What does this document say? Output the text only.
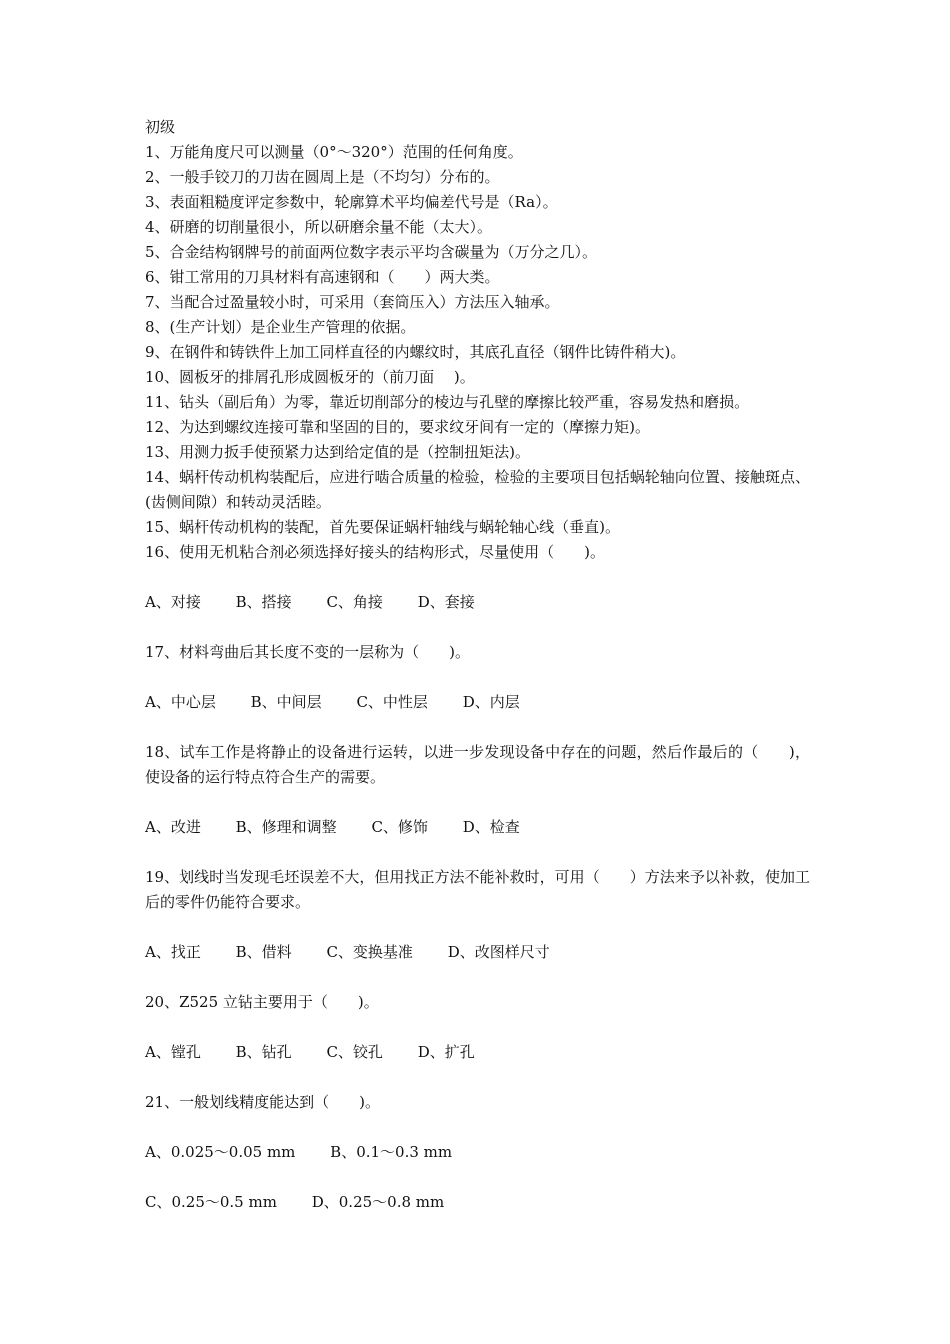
初级
1、万能角度尺可以测量（0°～320°）范围的任何角度。
2、一般手铰刀的刀齿在圆周上是（不均匀）分布的。
3、表面粗糙度评定参数中，轮廓算术平均偏差代号是（Ra）。
4、研磨的切削量很小，所以研磨余量不能（太大）。
5、合金结构钢牌号的前面两位数字表示平均含碳量为（万分之几）。
6、钳工常用的刀具材料有高速钢和（　　）两大类。
7、当配合过盈量较小时，可采用（套筒压入）方法压入轴承。
8、(生产计划）是企业生产管理的依据。
9、在钢件和铸铁件上加工同样直径的内螺纹时，其底孔直径（钢件比铸件稍大)。
10、圆板牙的排屑孔形成圆板牙的（前刀面　 )。
11、钻头（副后角）为零，靠近切削部分的棱边与孔壁的摩擦比较严重，容易发热和磨损。
12、为达到螺纹连接可靠和坚固的目的，要求纹牙间有一定的（摩擦力矩)。
13、用测力扳手使预紧力达到给定值的是（控制扭矩法)。
14、蜗杆传动机构装配后，应进行啮合质量的检验，检验的主要项目包括蜗轮轴向位置、接触斑点、(齿侧间隙）和转动灵活睦。
15、蜗杆传动机构的装配，首先要保证蜗杆轴线与蜗轮轴心线（垂直)。
16、使用无机粘合剂必须选择好接头的结构形式，尽量使用（　　)。
A、对接 B、搭接 C、角接 D、套接
17、材料弯曲后其长度不变的一层称为（　　)。
A、中心层 B、中间层 C、中性层 D、内层
18、试车工作是将静止的设备进行运转，以进一步发现设备中存在的问题，然后作最后的（　　)，使设备的运行特点符合生产的需要。
A、改进 B、修理和调整 C、修饰 D、检查
19、划线时当发现毛坯误差不大，但用找正方法不能补救时，可用（　　）方法来予以补救，使加工后的零件仍能符合要求。
A、找正 B、借料 C、变换基准 D、改图样尺寸
20、Z525 立钻主要用于（　　)。
A、镗孔 B、钻孔 C、铰孔 D、扩孔
21、一般划线精度能达到（　　)。
A、0.025～0.05 mm B、0.1～0.3 mm
C、0.25～0.5 mm D、0.25～0.8 mm
